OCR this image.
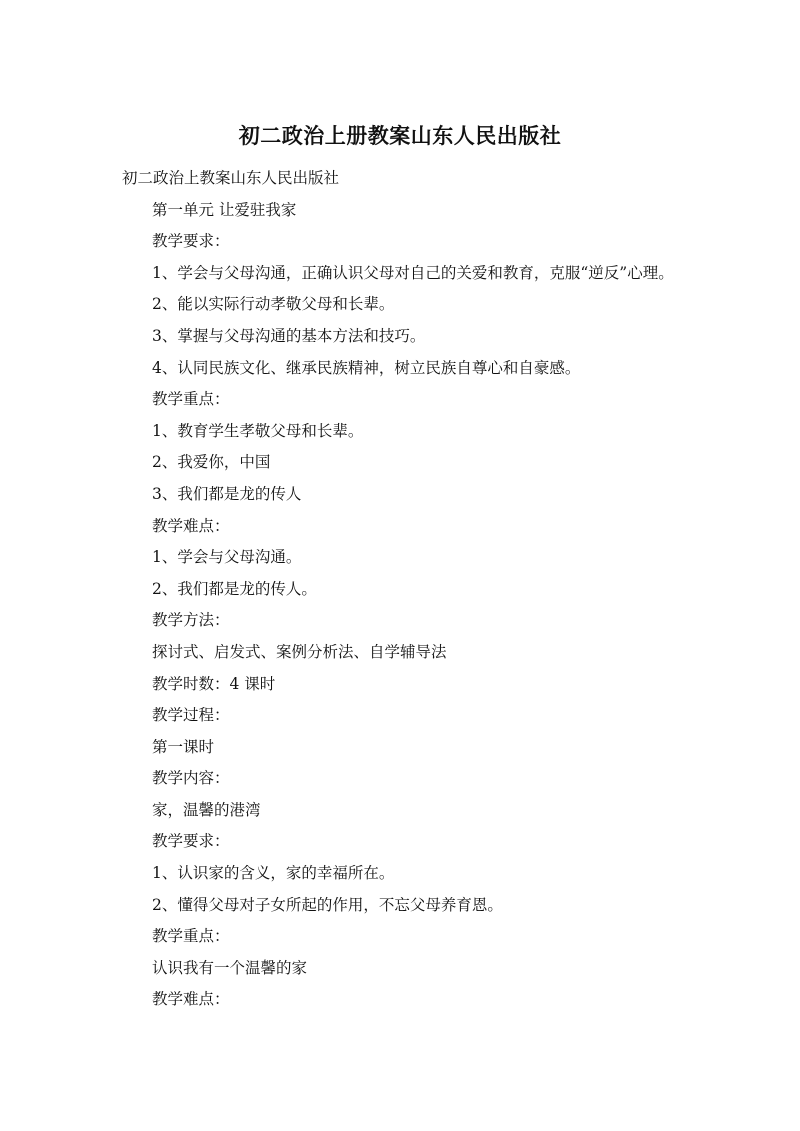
初二政治上册教案山东人民出版社

初二政治上教案山东人民出版社

第一单元 让爱驻我家

教学要求：

1、学会与父母沟通，正确认识父母对自己的关爱和教育，克服“逆反”心理。

2、能以实际行动孝敬父母和长辈。

3、掌握与父母沟通的基本方法和技巧。

4、认同民族文化、继承民族精神，树立民族自尊心和自豪感。

教学重点：

1、教育学生孝敬父母和长辈。

2、我爱你，中国

3、我们都是龙的传人

教学难点：

1、学会与父母沟通。

2、我们都是龙的传人。

教学方法：

探讨式、启发式、案例分析法、自学辅导法

教学时数：4 课时

教学过程：

第一课时

教学内容：

家，温馨的港湾

教学要求：

1、认识家的含义，家的幸福所在。

2、懂得父母对子女所起的作用，不忘父母养育恩。

教学重点：

认识我有一个温馨的家

教学难点：
